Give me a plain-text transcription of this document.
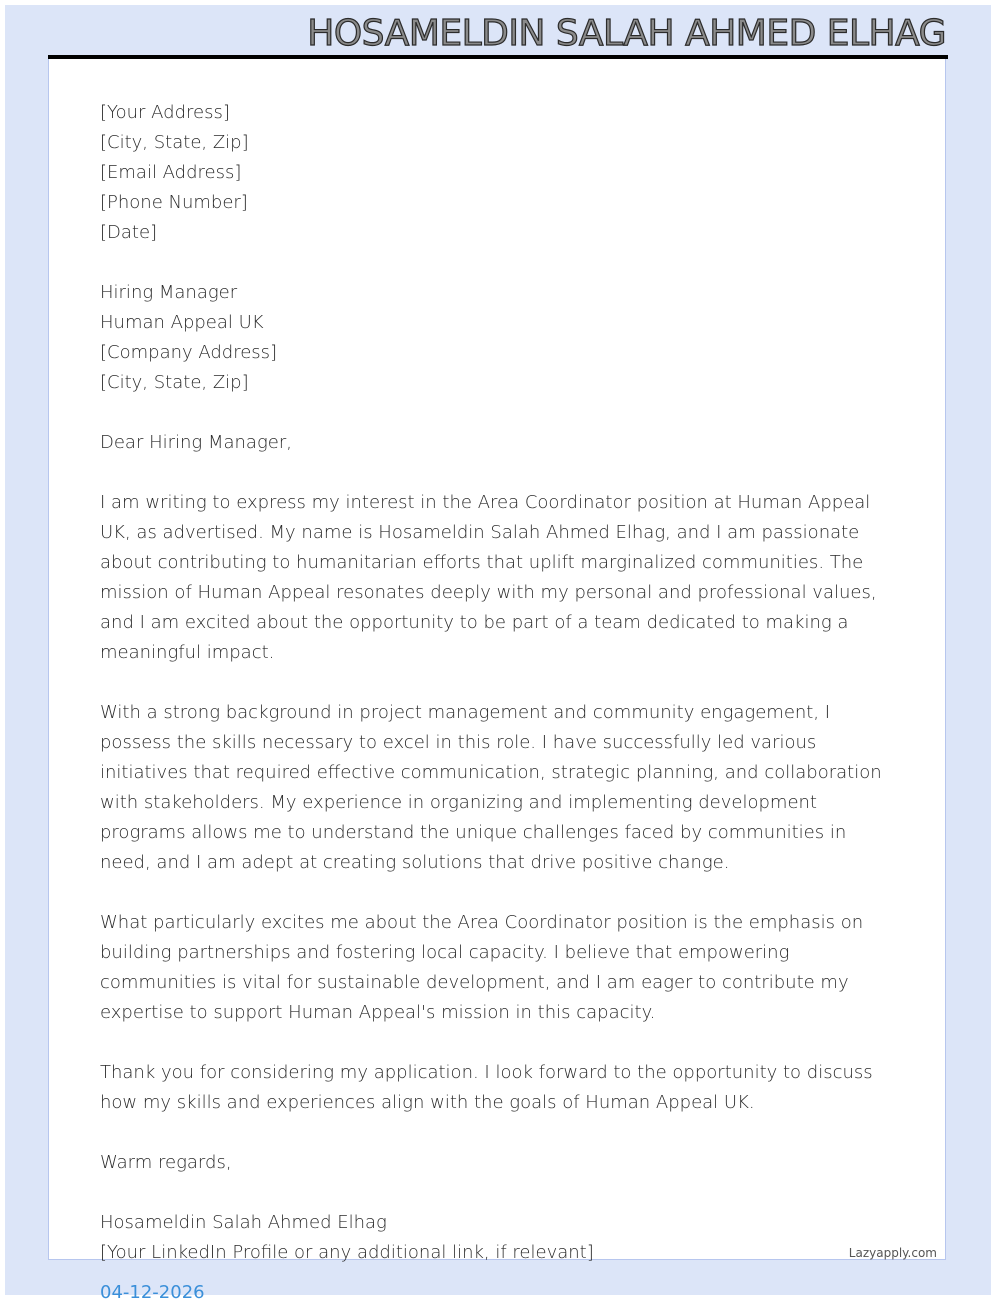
HOSAMELDIN SALAH AHMED ELHAG
[Your Address]
[City, State, Zip]
[Email Address]
[Phone Number]
[Date]
Hiring Manager
Human Appeal UK
[Company Address]
[City, State, Zip]
Dear Hiring Manager,

I am writing to express my interest in the Area Coordinator position at Human Appeal UK, as advertised. My name is Hosameldin Salah Ahmed Elhag, and I am passionate about contributing to humanitarian efforts that uplift marginalized communities. The mission of Human Appeal resonates deeply with my personal and professional values, and I am excited about the opportunity to be part of a team dedicated to making a meaningful impact.

With a strong background in project management and community engagement, I possess the skills necessary to excel in this role. I have successfully led various initiatives that required effective communication, strategic planning, and collaboration with stakeholders. My experience in organizing and implementing development programs allows me to understand the unique challenges faced by communities in need, and I am adept at creating solutions that drive positive change.

What particularly excites me about the Area Coordinator position is the emphasis on building partnerships and fostering local capacity. I believe that empowering communities is vital for sustainable development, and I am eager to contribute my expertise to support Human Appeal's mission in this capacity.

Thank you for considering my application. I look forward to the opportunity to discuss how my skills and experiences align with the goals of Human Appeal UK.

Warm regards,
Hosameldin Salah Ahmed Elhag
[Your LinkedIn Profile or any additional link, if relevant]	Lazyapply.com
04-12-2026
